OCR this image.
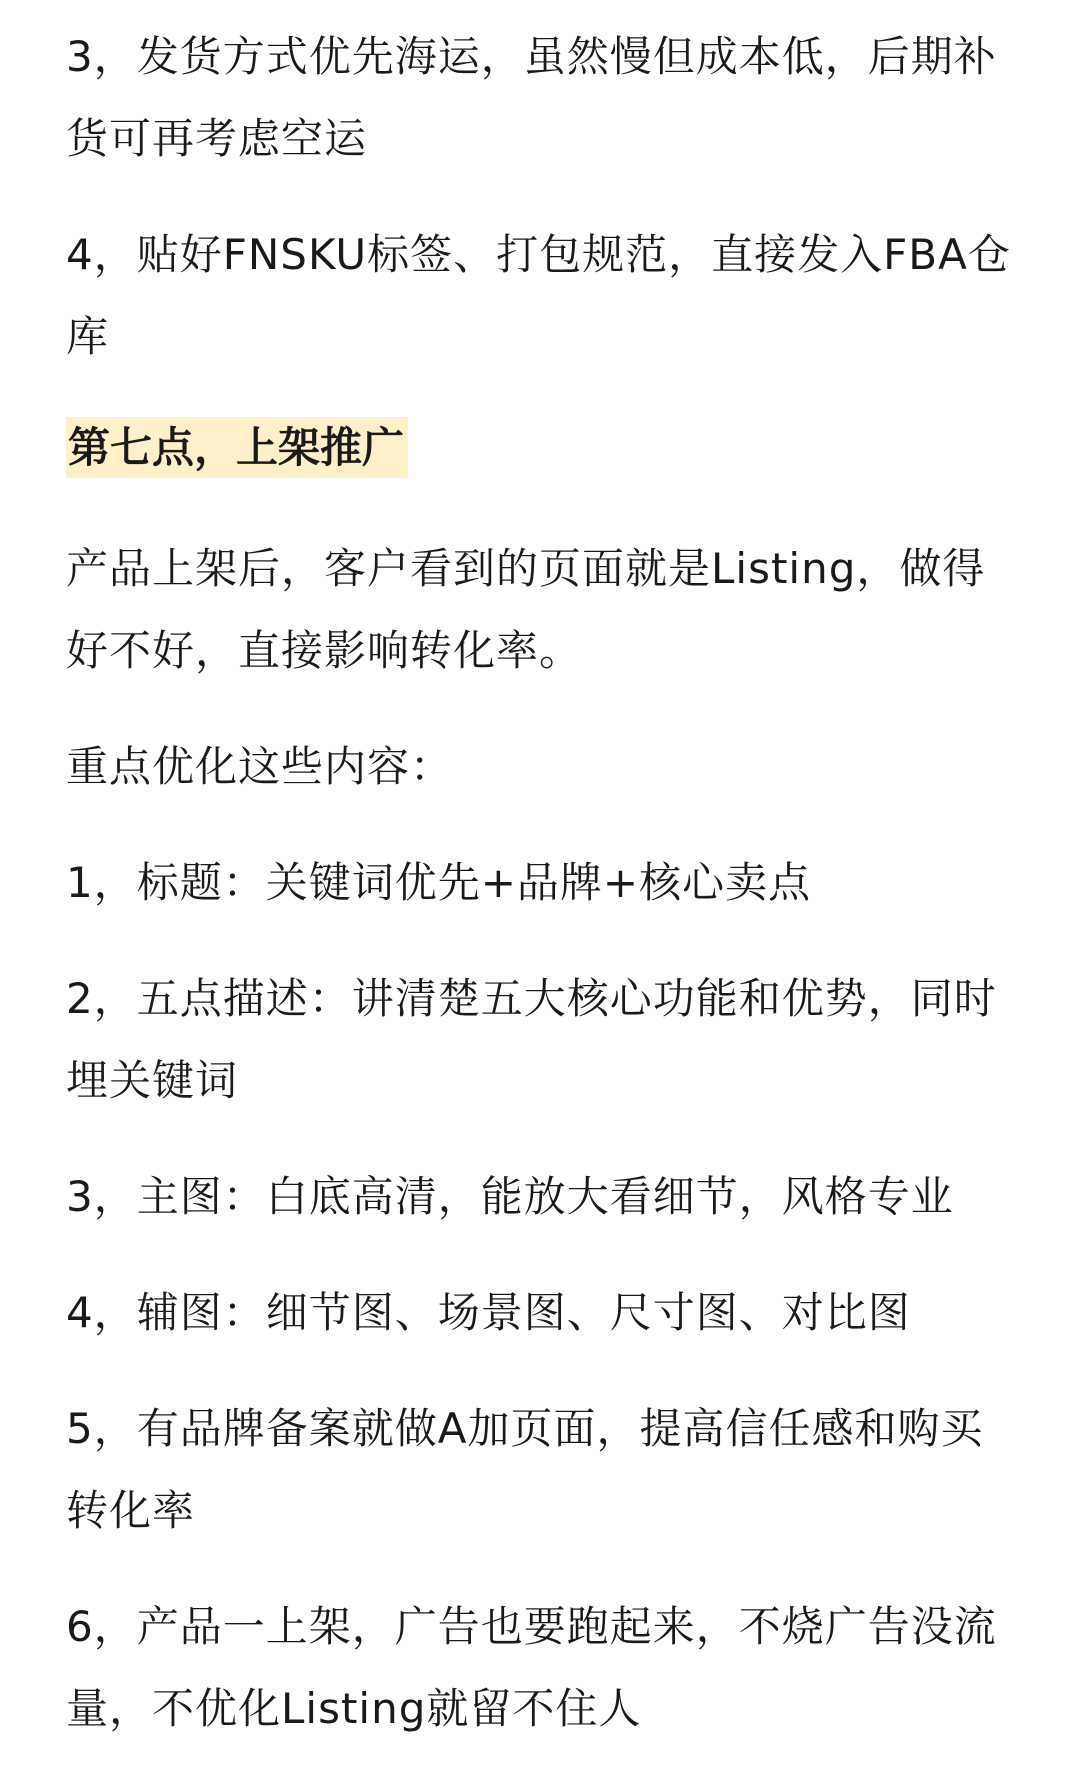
3，发货方式优先海运，虽然慢但成本低，后期补货可再考虑空运

4，贴好FNSKU标签、打包规范，直接发入FBA仓库

第七点，上架推广

产品上架后，客户看到的页面就是Listing，做得好不好，直接影响转化率。

重点优化这些内容：

1，标题：关键词优先+品牌+核心卖点

2，五点描述：讲清楚五大核心功能和优势，同时埋关键词

3，主图：白底高清，能放大看细节，风格专业

4，辅图：细节图、场景图、尺寸图、对比图

5，有品牌备案就做A加页面，提高信任感和购买转化率

6，产品一上架，广告也要跑起来，不烧广告没流量，不优化Listing就留不住人
